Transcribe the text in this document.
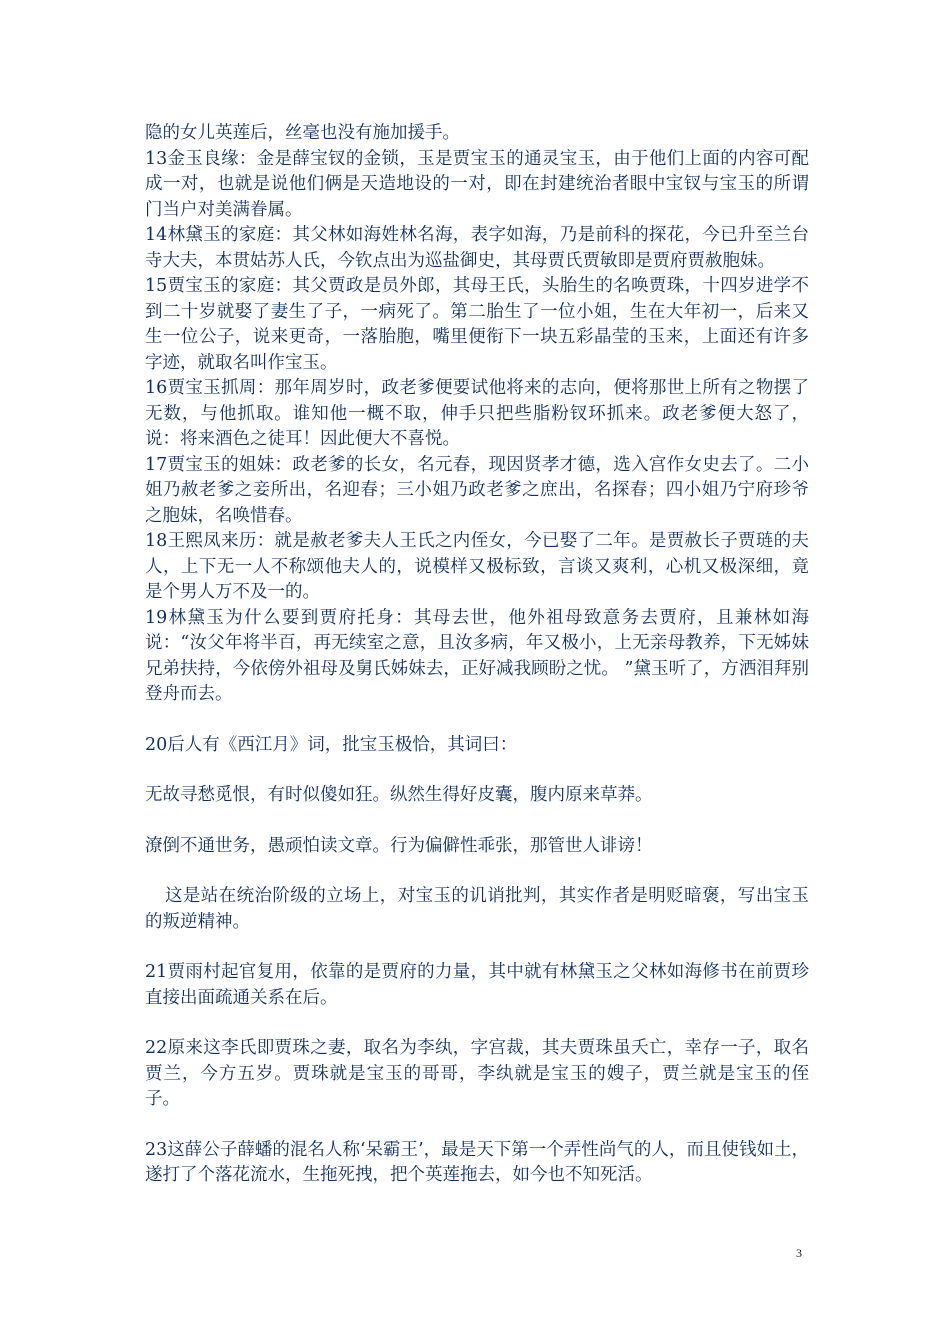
隐的女儿英莲后，丝毫也没有施加援手。

13金玉良缘：金是薛宝钗的金锁，玉是贾宝玉的通灵宝玉，由于他们上面的内容可配成一对，也就是说他们俩是天造地设的一对，即在封建统治者眼中宝钗与宝玉的所谓门当户对美满眷属。

14林黛玉的家庭：其父林如海姓林名海，表字如海，乃是前科的探花，今已升至兰台寺大夫，本贯姑苏人氏，今钦点出为巡盐御史，其母贾氏贾敏即是贾府贾赦胞妹。

15贾宝玉的家庭：其父贾政是员外郎，其母王氏，头胎生的名唤贾珠，十四岁进学不到二十岁就娶了妻生了子，一病死了。第二胎生了一位小姐，生在大年初一，后来又生一位公子，说来更奇，一落胎胞，嘴里便衔下一块五彩晶莹的玉来，上面还有许多字迹，就取名叫作宝玉。

16贾宝玉抓周：那年周岁时，政老爹便要试他将来的志向，便将那世上所有之物摆了无数，与他抓取。谁知他一概不取，伸手只把些脂粉钗环抓来。政老爹便大怒了，说：将来酒色之徒耳！因此便大不喜悦。

17贾宝玉的姐妹：政老爹的长女，名元春，现因贤孝才德，选入宫作女史去了。二小姐乃赦老爹之妾所出，名迎春；三小姐乃政老爹之庶出，名探春；四小姐乃宁府珍爷之胞妹，名唤惜春。

18王熙凤来历：就是赦老爹夫人王氏之内侄女，今已娶了二年。是贾赦长子贾琏的夫人，上下无一人不称颂他夫人的，说模样又极标致，言谈又爽利，心机又极深细，竟是个男人万不及一的。

19林黛玉为什么要到贾府托身：其母去世，他外祖母致意务去贾府，且兼林如海说：“汝父年将半百，再无续室之意，且汝多病，年又极小，上无亲母教养，下无姊妹兄弟扶持，今依傍外祖母及舅氏姊妹去，正好减我顾盼之忧。 ”黛玉听了，方洒泪拜别登舟而去。

20后人有《西江月》词，批宝玉极恰，其词曰：

无故寻愁觅恨，有时似傻如狂。纵然生得好皮囊，腹内原来草莽。

潦倒不通世务，愚顽怕读文章。行为偏僻性乖张，那管世人诽谤！

这是站在统治阶级的立场上，对宝玉的讥诮批判，其实作者是明贬暗褒，写出宝玉的叛逆精神。

21贾雨村起官复用，依靠的是贾府的力量，其中就有林黛玉之父林如海修书在前贾珍直接出面疏通关系在后。

22原来这李氏即贾珠之妻，取名为李纨，字宫裁，其夫贾珠虽夭亡，幸存一子，取名贾兰，今方五岁。贾珠就是宝玉的哥哥，李纨就是宝玉的嫂子，贾兰就是宝玉的侄子。

23这薛公子薛蟠的混名人称‘呆霸王’，最是天下第一个弄性尚气的人，而且使钱如土，遂打了个落花流水，生拖死拽，把个英莲拖去，如今也不知死活。

3
